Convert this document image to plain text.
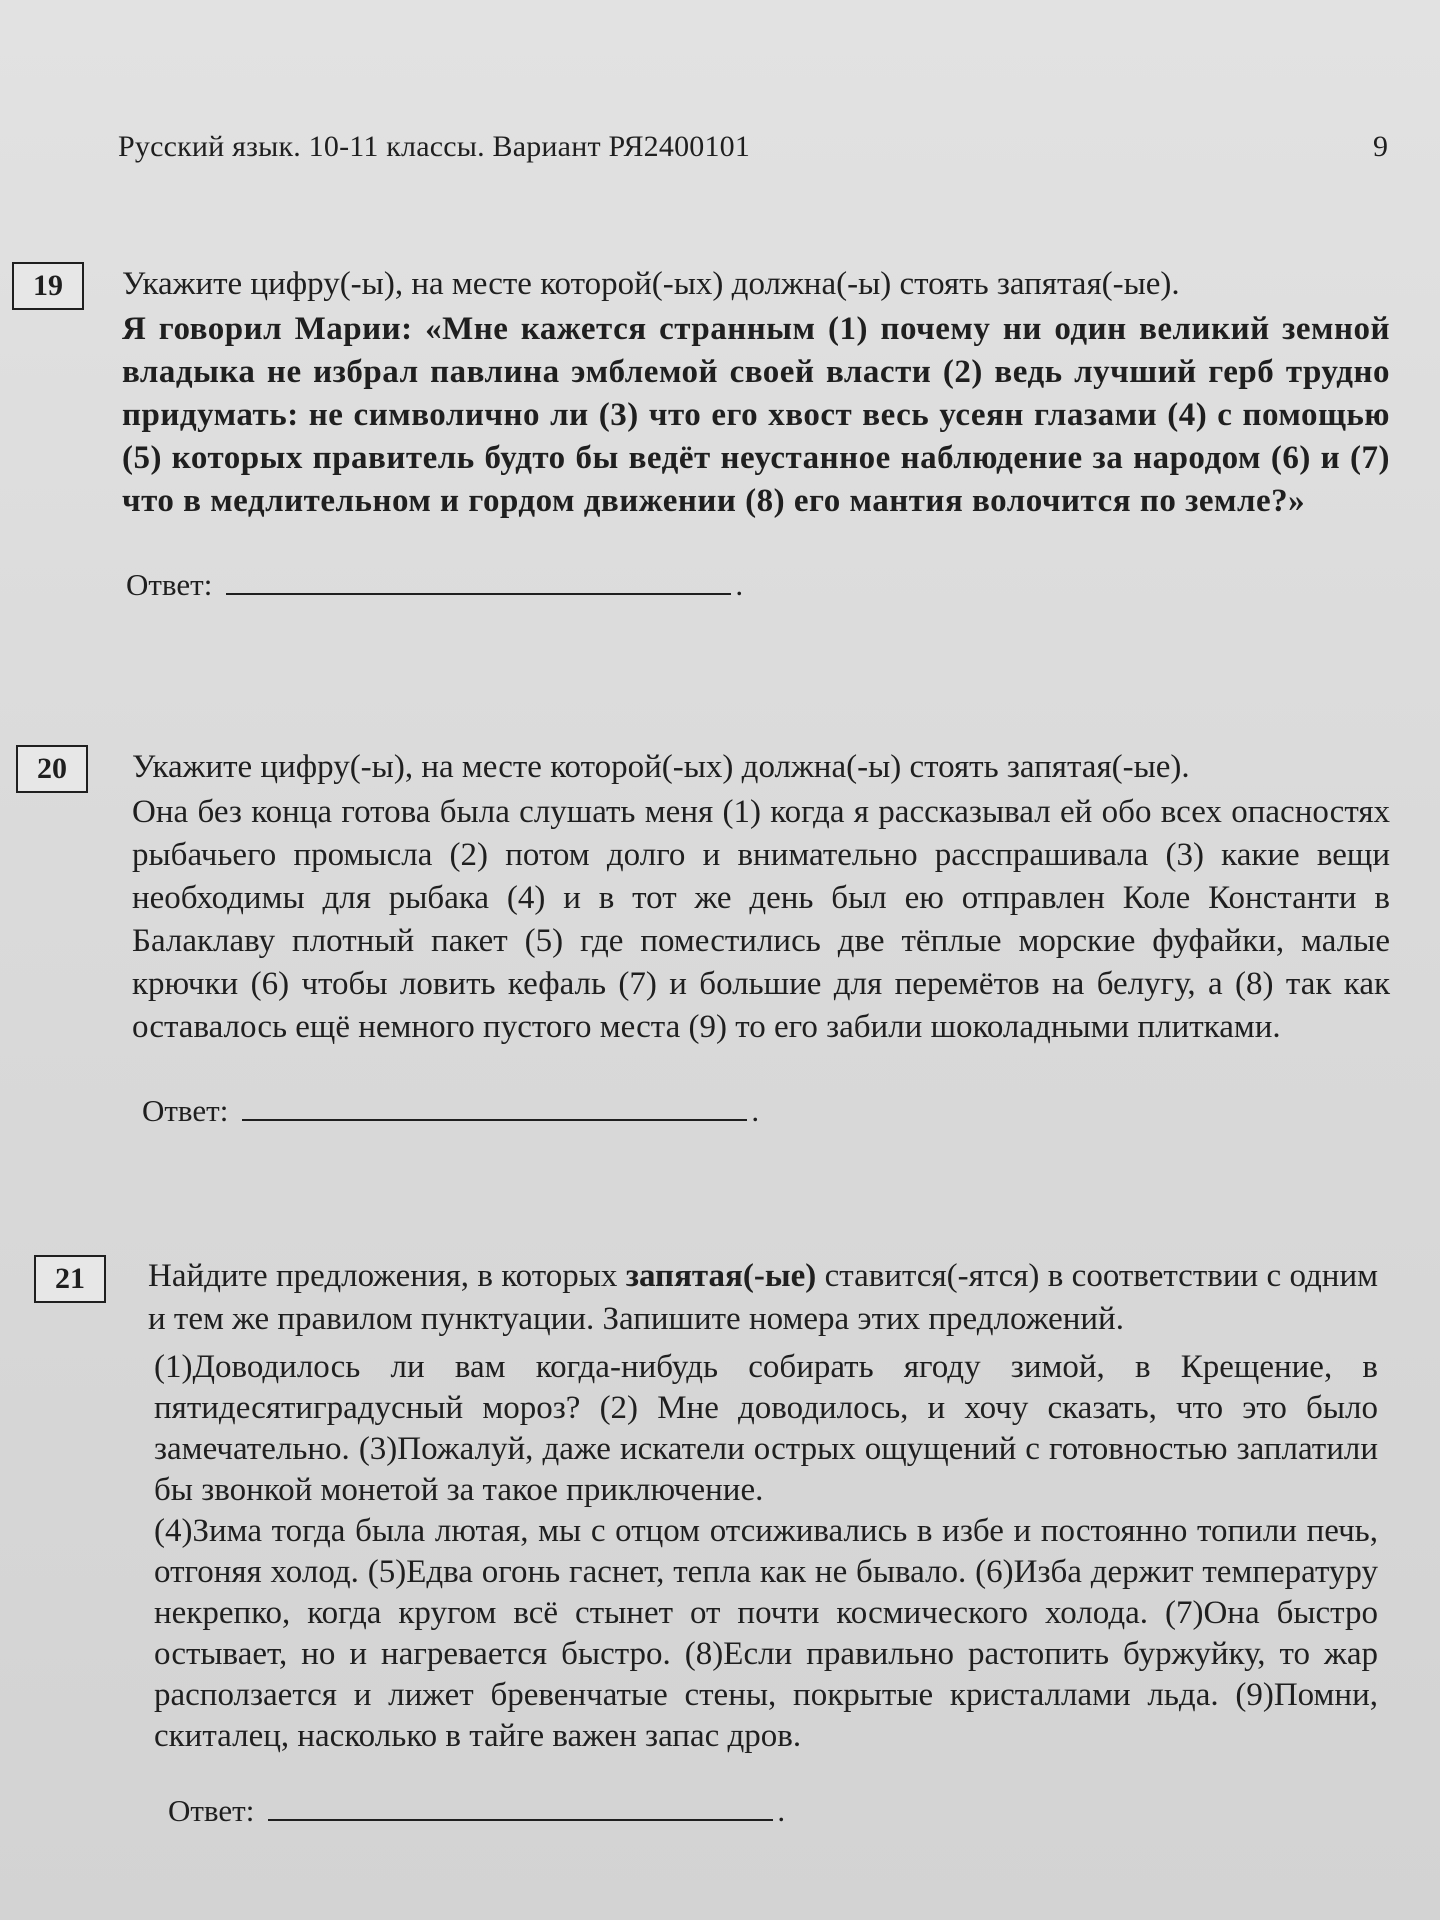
Русский язык. 10-11 классы. Вариант РЯ2400101	9
19	Укажите цифру(-ы), на месте которой(-ых) должна(-ы) стоять запятая(-ые).

Я говорил Марии: «Мне кажется странным (1) почему ни один великий земной владыка не избрал павлина эмблемой своей власти (2) ведь лучший герб трудно придумать: не символично ли (3) что его хвост весь усеян глазами (4) с помощью (5) которых правитель будто бы ведёт неустанное наблюдение за народом (6) и (7) что в медлительном и гордом движении (8) его мантия волочится по земле?»

Ответ:	.
20	Укажите цифру(-ы), на месте которой(-ых) должна(-ы) стоять запятая(-ые).

Она без конца готова была слушать меня (1) когда я рассказывал ей обо всех опасностях рыбачьего промысла (2) потом долго и внимательно расспрашивала (3) какие вещи необходимы для рыбака (4) и в тот же день был ею отправлен Коле Константи в Балаклаву плотный пакет (5) где поместились две тёплые морские фуфайки, малые крючки (6) чтобы ловить кефаль (7) и большие для перемётов на белугу, а (8) так как оставалось ещё немного пустого места (9) то его забили шоколадными плитками.

Ответ:	.
21	Найдите предложения, в которых запятая(-ые) ставится(-ятся) в соответствии с одним и тем же правилом пунктуации. Запишите номера этих предложений.

(1)Доводилось ли вам когда-нибудь собирать ягоду зимой, в Крещение, в пятидесятиградусный мороз? (2) Мне доводилось, и хочу сказать, что это было замечательно. (3)Пожалуй, даже искатели острых ощущений с готовностью заплатили бы звонкой монетой за такое приключение.

(4)Зима тогда была лютая, мы с отцом отсиживались в избе и постоянно топили печь, отгоняя холод. (5)Едва огонь гаснет, тепла как не бывало. (6)Изба держит температуру некрепко, когда кругом всё стынет от почти космического холода. (7)Она быстро остывает, но и нагревается быстро. (8)Если правильно растопить буржуйку, то жар расползается и лижет бревенчатые стены, покрытые кристаллами льда. (9)Помни, скиталец, насколько в тайге важен запас дров.

Ответ:	.
